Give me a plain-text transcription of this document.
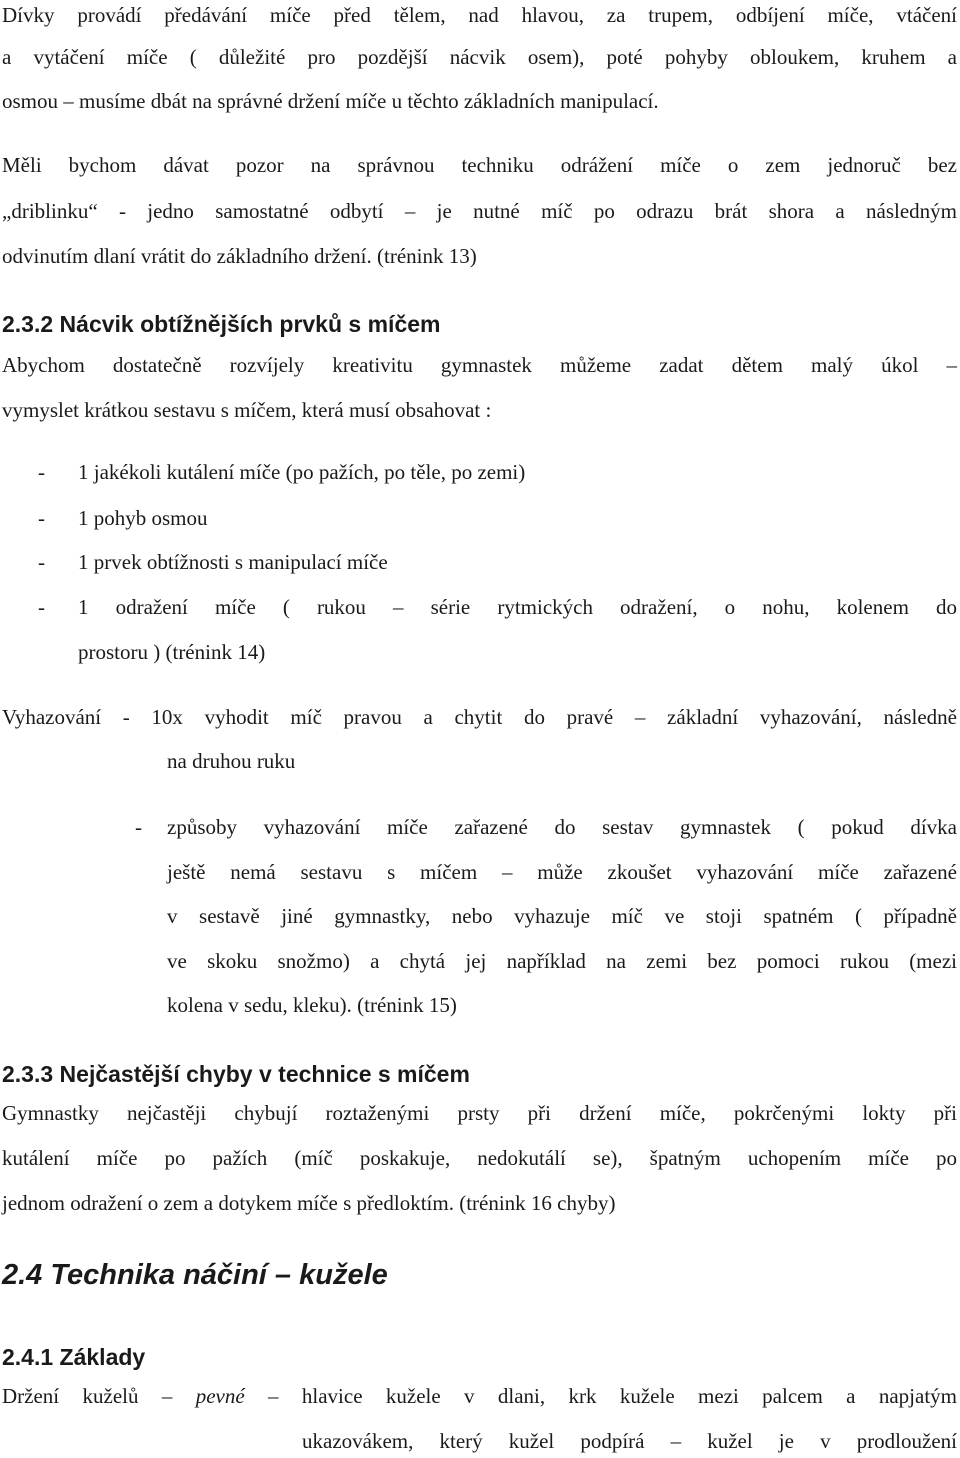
Dívky provádí předávání míče před tělem, nad hlavou, za trupem, odbíjení míče, vtáčení

a vytáčení míče ( důležité pro pozdější nácvik osem), poté pohyby obloukem, kruhem a

osmou – musíme dbát na správné držení míče u těchto základních manipulací.

Měli bychom dávat pozor na správnou techniku odrážení míče o zem jednoruč bez

„driblinku“ - jedno samostatné odbytí – je nutné míč po odrazu brát shora a následným

odvinutím dlaní vrátit do základního držení. (trénink 13)

2.3.2 Nácvik obtížnějších prvků s míčem

Abychom dostatečně rozvíjely kreativitu gymnastek můžeme zadat dětem malý úkol –

vymyslet krátkou sestavu s míčem, která musí obsahovat :

- 1 jakékoli kutálení míče (po pažích, po těle, po zemi)

- 1 pohyb osmou

- 1 prvek obtížnosti s manipulací míče

- 1 odražení míče ( rukou – série rytmických odražení, o nohu, kolenem do

prostoru ) (trénink 14)

Vyhazování - 10x vyhodit míč pravou a chytit do pravé – základní vyhazování, následně

na druhou ruku

- způsoby vyhazování míče zařazené do sestav gymnastek ( pokud dívka

ještě nemá sestavu s míčem – může zkoušet vyhazování míče zařazené

v sestavě jiné gymnastky, nebo vyhazuje míč ve stoji spatném ( případně

ve skoku snožmo) a chytá jej například na zemi bez pomoci rukou (mezi

kolena v sedu, kleku). (trénink 15)

2.3.3 Nejčastější chyby v technice s míčem

Gymnastky nejčastěji chybují roztaženými prsty při držení míče, pokrčenými lokty při

kutálení míče po pažích (míč poskakuje, nedokutálí se), špatným uchopením míče po

jednom odražení o zem a dotykem míče s předloktím. (trénink 16 chyby)

2.4 Technika náčiní – kužele

2.4.1 Základy

Držení kuželů – pevné – hlavice kužele v dlani, krk kužele mezi palcem a napjatým

ukazovákem, který kužel podpírá – kužel je v prodloužení
